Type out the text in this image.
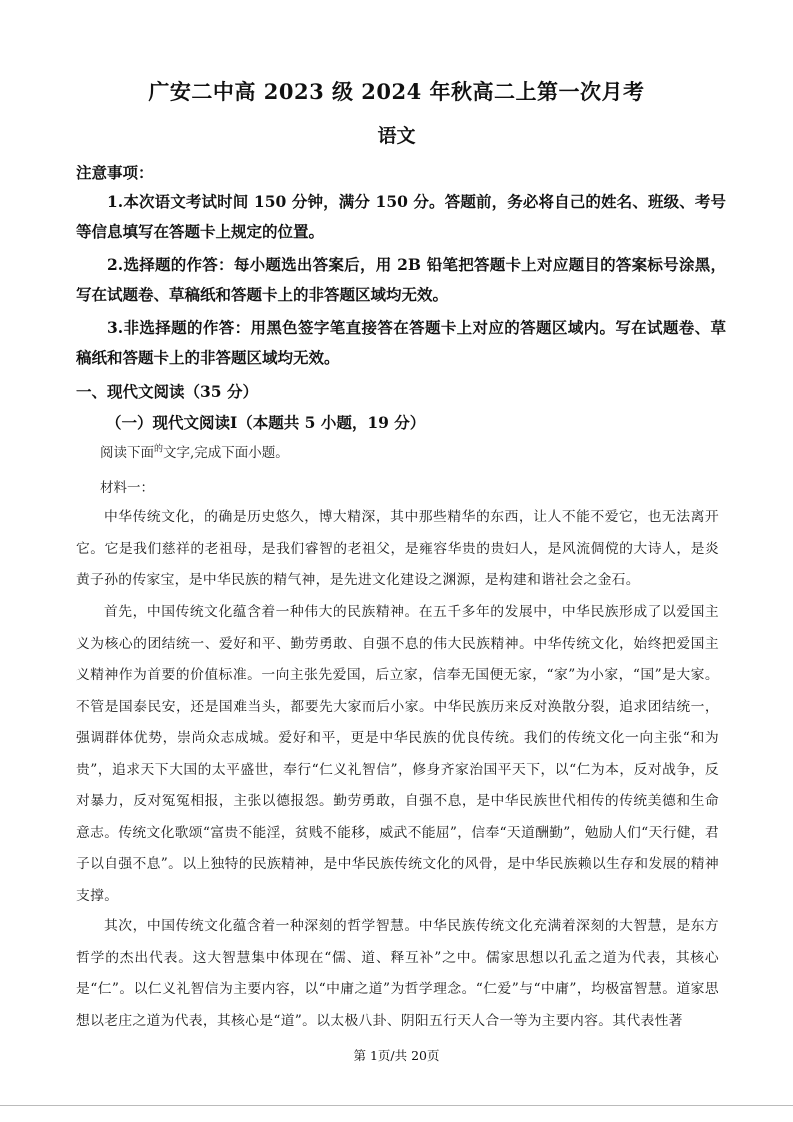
广安二中高 2023 级 2024 年秋高二上第一次月考
语文
注意事项：
1.本次语文考试时间 150 分钟，满分 150 分。答题前，务必将自己的姓名、班级、考号等信息填写在答题卡上规定的位置。
2.选择题的作答：每小题选出答案后，用 2B 铅笔把答题卡上对应题目的答案标号涂黑，写在试题卷、草稿纸和答题卡上的非答题区域均无效。
3.非选择题的作答：用黑色签字笔直接答在答题卡上对应的答题区域内。写在试题卷、草稿纸和答题卡上的非答题区域均无效。
一、现代文阅读（35 分）
（一）现代文阅读Ⅰ（本题共 5 小题，19 分）
阅读下面$^的$文字,完成下面小题。
材料一：

中华传统文化，的确是历史悠久，博大精深，其中那些精华的东西，让人不能不爱它，也无法离开它。它是我们慈祥的老祖母，是我们睿智的老祖父，是雍容华贵的贵妇人，是风流倜傥的大诗人，是炎黄子孙的传家宝，是中华民族的精气神，是先进文化建设之渊源，是构建和谐社会之金石。

首先，中国传统文化蕴含着一种伟大的民族精神。在五千多年的发展中，中华民族形成了以爱国主义为核心的团结统一、爱好和平、勤劳勇敢、自强不息的伟大民族精神。中华传统文化，始终把爱国主义精神作为首要的价值标准。一向主张先爱国，后立家，信奉无国便无家，“家”为小家，“国”是大家。不管是国泰民安，还是国难当头，都要先大家而后小家。中华民族历来反对涣散分裂，追求团结统一，强调群体优势，崇尚众志成城。爱好和平，更是中华民族的优良传统。我们的传统文化一向主张“和为贵”，追求天下大国的太平盛世，奉行“仁义礼智信”，修身齐家治国平天下，以“仁为本，反对战争，反对暴力，反对冤冤相报，主张以德报怨。勤劳勇敢，自强不息，是中华民族世代相传的传统美德和生命意志。传统文化歌颂“富贵不能淫，贫贱不能移，威武不能屈”，信奉“天道酬勤”，勉励人们“天行健，君子以自强不息”。以上独特的民族精神，是中华民族传统文化的风骨，是中华民族赖以生存和发展的精神支撑。

其次，中国传统文化蕴含着一种深刻的哲学智慧。中华民族传统文化充满着深刻的大智慧，是东方哲学的杰出代表。这大智慧集中体现在“儒、道、释互补”之中。儒家思想以孔孟之道为代表，其核心是“仁”。以仁义礼智信为主要内容，以“中庸之道”为哲学理念。“仁爱”与“中庸”，均极富智慧。道家思想以老庄之道为代表，其核心是“道”。以太极八卦、阴阳五行天人合一等为主要内容。其代表性著

第 1页/共 20页
